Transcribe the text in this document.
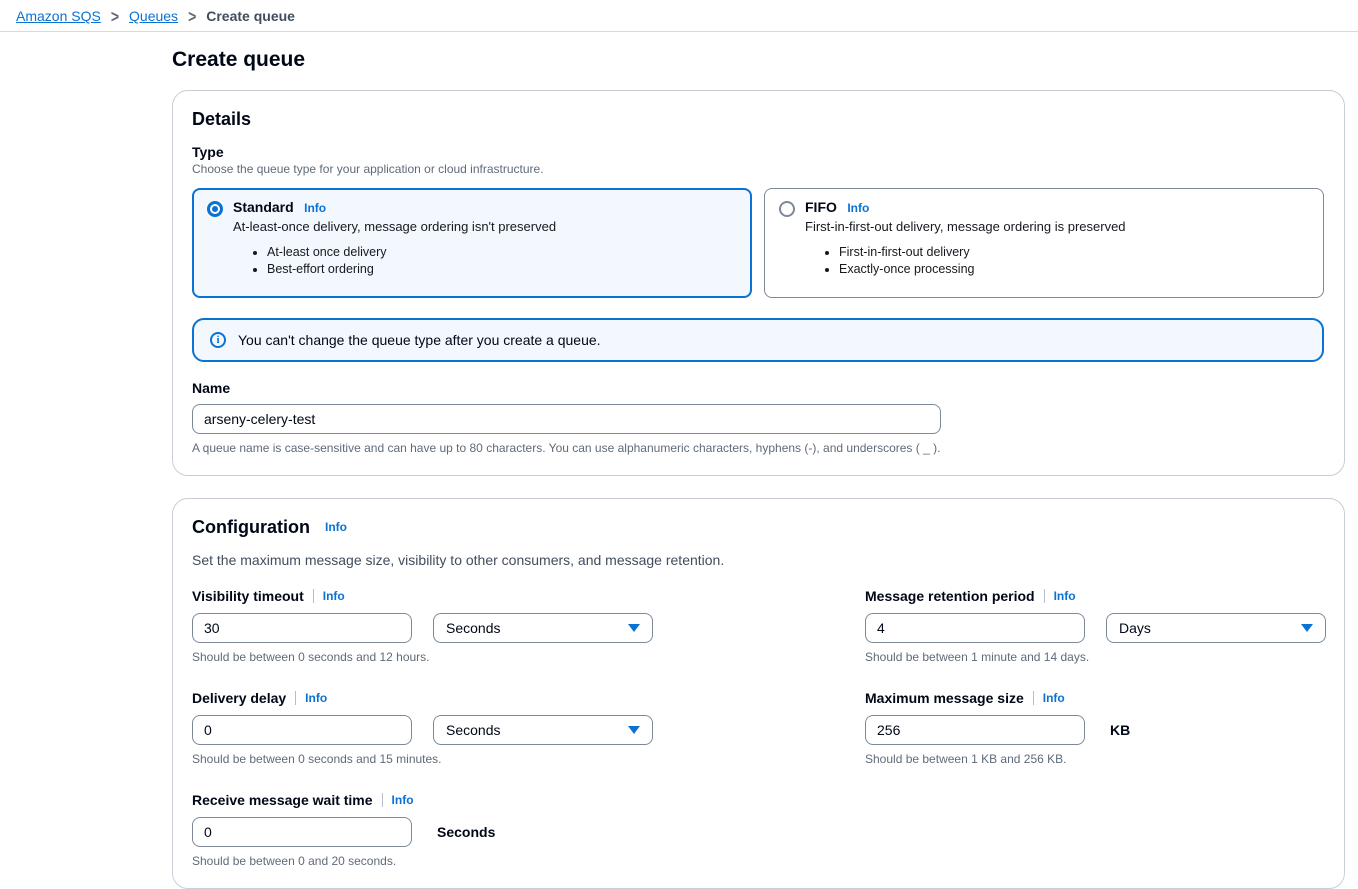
Amazon SQS > Queues > Create queue
Create queue
Details
Type
Choose the queue type for your application or cloud infrastructure.
Standard Info
At-least-once delivery, message ordering isn't preserved
• At-least once delivery
• Best-effort ordering
FIFO Info
First-in-first-out delivery, message ordering is preserved
• First-in-first-out delivery
• Exactly-once processing
i	You can't change the queue type after you create a queue.
Name
arseny-celery-test
A queue name is case-sensitive and can have up to 80 characters. You can use alphanumeric characters, hyphens (-), and underscores ( _ ).
Configuration Info
Set the maximum message size, visibility to other consumers, and message retention.
Visibility timeout Info
30
Seconds
Should be between 0 seconds and 12 hours.
Message retention period Info
4
Days
Should be between 1 minute and 14 days.
Delivery delay Info
0
Seconds
Should be between 0 seconds and 15 minutes.
Maximum message size Info
256
KB
Should be between 1 KB and 256 KB.
Receive message wait time Info
0
Seconds
Should be between 0 and 20 seconds.
